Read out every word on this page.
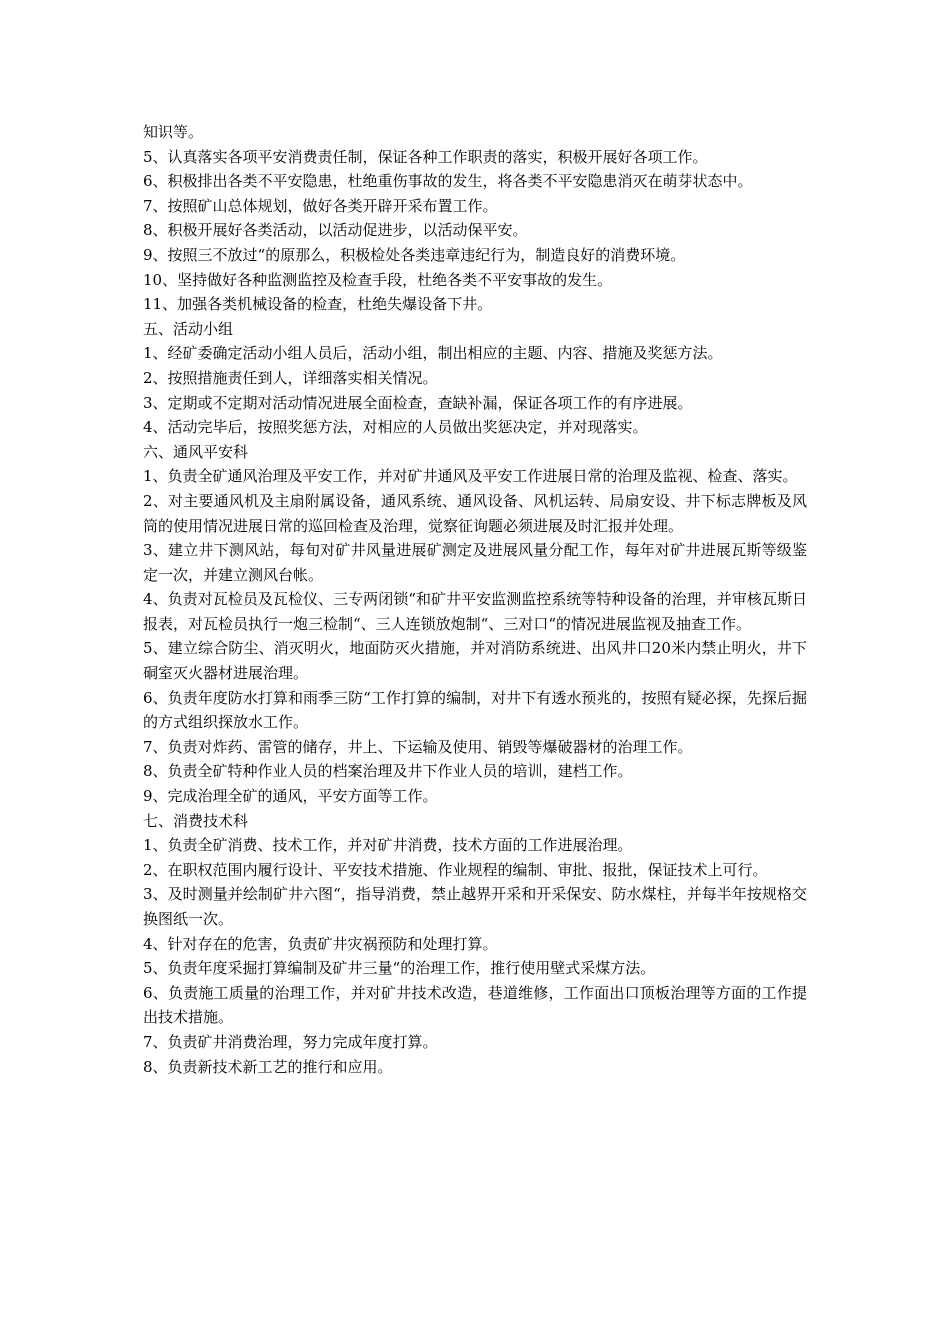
知识等。

5、认真落实各项平安消费责任制，保证各种工作职责的落实，积极开展好各项工作。

6、积极排出各类不平安隐患，杜绝重伤事故的发生，将各类不平安隐患消灭在萌芽状态中。

7、按照矿山总体规划，做好各类开辟开采布置工作。

8、积极开展好各类活动，以活动促进步，以活动保平安。

9、按照三不放过“的原那么，积极检处各类违章违纪行为，制造良好的消费环境。

10、坚持做好各种监测监控及检查手段，杜绝各类不平安事故的发生。

11、加强各类机械设备的检查，杜绝失爆设备下井。

五、活动小组

1、经矿委确定活动小组人员后，活动小组，制出相应的主题、内容、措施及奖惩方法。

2、按照措施责任到人，详细落实相关情况。

3、定期或不定期对活动情况进展全面检查，查缺补漏，保证各项工作的有序进展。

4、活动完毕后，按照奖惩方法，对相应的人员做出奖惩决定，并对现落实。

六、通风平安科

1、负责全矿通风治理及平安工作，并对矿井通风及平安工作进展日常的治理及监视、检查、落实。

2、对主要通风机及主扇附属设备，通风系统、通风设备、风机运转、局扇安设、井下标志牌板及风筒的使用情况进展日常的巡回检查及治理，觉察征询题必须进展及时汇报并处理。

3、建立井下测风站，每旬对矿井风量进展矿测定及进展风量分配工作，每年对矿井进展瓦斯等级鉴定一次，并建立测风台帐。

4、负责对瓦检员及瓦检仪、三专两闭锁“和矿井平安监测监控系统等特种设备的治理，并审核瓦斯日报表，对瓦检员执行一炮三检制“、三人连锁放炮制“、三对口“的情况进展监视及抽查工作。

5、建立综合防尘、消灭明火，地面防灭火措施，并对消防系统进、出风井口20米内禁止明火，井下硐室灭火器材进展治理。

6、负责年度防水打算和雨季三防“工作打算的编制，对井下有透水预兆的，按照有疑必探，先探后掘的方式组织探放水工作。

7、负责对炸药、雷管的储存，井上、下运输及使用、销毁等爆破器材的治理工作。

8、负责全矿特种作业人员的档案治理及井下作业人员的培训，建档工作。

9、完成治理全矿的通风，平安方面等工作。

七、消费技术科

1、负责全矿消费、技术工作，并对矿井消费，技术方面的工作进展治理。

2、在职权范围内履行设计、平安技术措施、作业规程的编制、审批、报批，保证技术上可行。

3、及时测量并绘制矿井六图“，指导消费，禁止越界开采和开采保安、防水煤柱，并每半年按规格交换图纸一次。

4、针对存在的危害，负责矿井灾祸预防和处理打算。

5、负责年度采掘打算编制及矿井三量“的治理工作，推行使用壁式采煤方法。

6、负责施工质量的治理工作，并对矿井技术改造，巷道维修，工作面出口顶板治理等方面的工作提出技术措施。

7、负责矿井消费治理，努力完成年度打算。

8、负责新技术新工艺的推行和应用。
